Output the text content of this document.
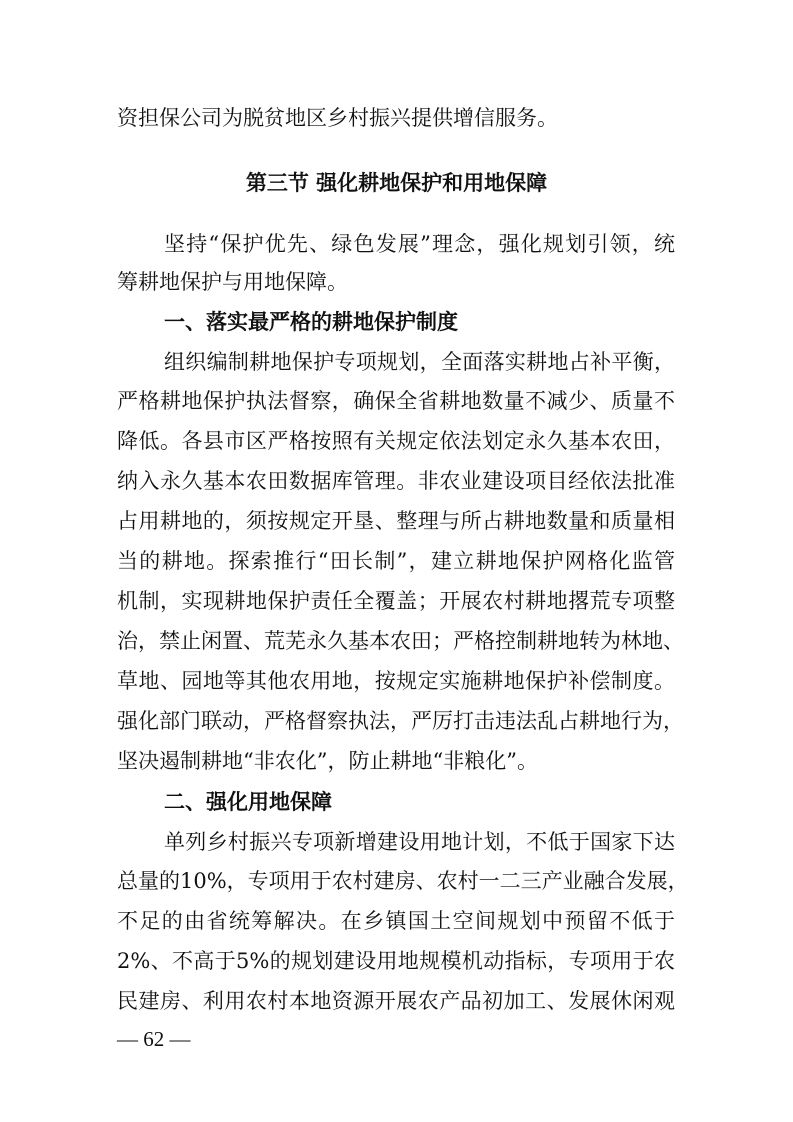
资担保公司为脱贫地区乡村振兴提供增信服务。
第三节 强化耕地保护和用地保障
坚持“保护优先、绿色发展”理念，强化规划引领，统
筹耕地保护与用地保障。
一、落实最严格的耕地保护制度
组织编制耕地保护专项规划，全面落实耕地占补平衡，
严格耕地保护执法督察，确保全省耕地数量不减少、质量不
降低。各县市区严格按照有关规定依法划定永久基本农田，
纳入永久基本农田数据库管理。非农业建设项目经依法批准
占用耕地的，须按规定开垦、整理与所占耕地数量和质量相
当的耕地。探索推行“田长制”，建立耕地保护网格化监管
机制，实现耕地保护责任全覆盖；开展农村耕地撂荒专项整
治，禁止闲置、荒芜永久基本农田；严格控制耕地转为林地、
草地、园地等其他农用地，按规定实施耕地保护补偿制度。
强化部门联动，严格督察执法，严厉打击违法乱占耕地行为，
坚决遏制耕地“非农化”，防止耕地“非粮化”。
二、强化用地保障
单列乡村振兴专项新增建设用地计划，不低于国家下达
总量的10%，专项用于农村建房、农村一二三产业融合发展，
不足的由省统筹解决。在乡镇国土空间规划中预留不低于
2%、不高于5%的规划建设用地规模机动指标，专项用于农
民建房、利用农村本地资源开展农产品初加工、发展休闲观
— 62 —
